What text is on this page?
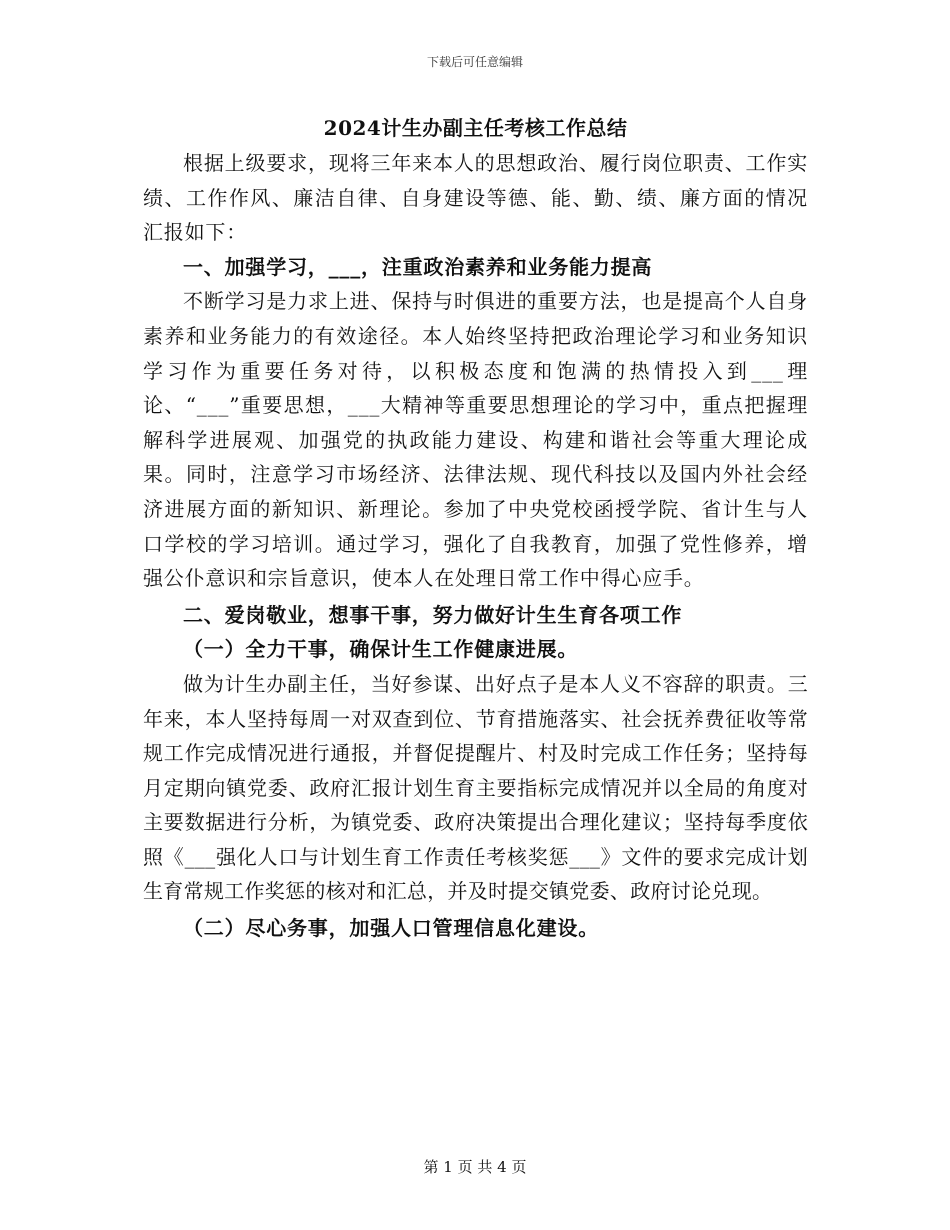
下载后可任意编辑
2024计生办副主任考核工作总结

根据上级要求，现将三年来本人的思想政治、履行岗位职责、工作实绩、工作作风、廉洁自律、自身建设等德、能、勤、绩、廉方面的情况汇报如下：

一、加强学习，___，注重政治素养和业务能力提高

不断学习是力求上进、保持与时俱进的重要方法，也是提高个人自身素养和业务能力的有效途径。本人始终坚持把政治理论学习和业务知识学习作为重要任务对待，以积极态度和饱满的热情投入到___理论、“___”重要思想，___大精神等重要思想理论的学习中，重点把握理解科学进展观、加强党的执政能力建设、构建和谐社会等重大理论成果。同时，注意学习市场经济、法律法规、现代科技以及国内外社会经济进展方面的新知识、新理论。参加了中央党校函授学院、省计生与人口学校的学习培训。通过学习，强化了自我教育，加强了党性修养，增强公仆意识和宗旨意识，使本人在处理日常工作中得心应手。

二、爱岗敬业，想事干事，努力做好计生生育各项工作

（一）全力干事，确保计生工作健康进展。

做为计生办副主任，当好参谋、出好点子是本人义不容辞的职责。三年来，本人坚持每周一对双查到位、节育措施落实、社会抚养费征收等常规工作完成情况进行通报，并督促提醒片、村及时完成工作任务；坚持每月定期向镇党委、政府汇报计划生育主要指标完成情况并以全局的角度对主要数据进行分析，为镇党委、政府决策提出合理化建议；坚持每季度依照《___强化人口与计划生育工作责任考核奖惩___》文件的要求完成计划生育常规工作奖惩的核对和汇总，并及时提交镇党委、政府讨论兑现。

（二）尽心务事，加强人口管理信息化建设。

第 1 页 共 4 页
